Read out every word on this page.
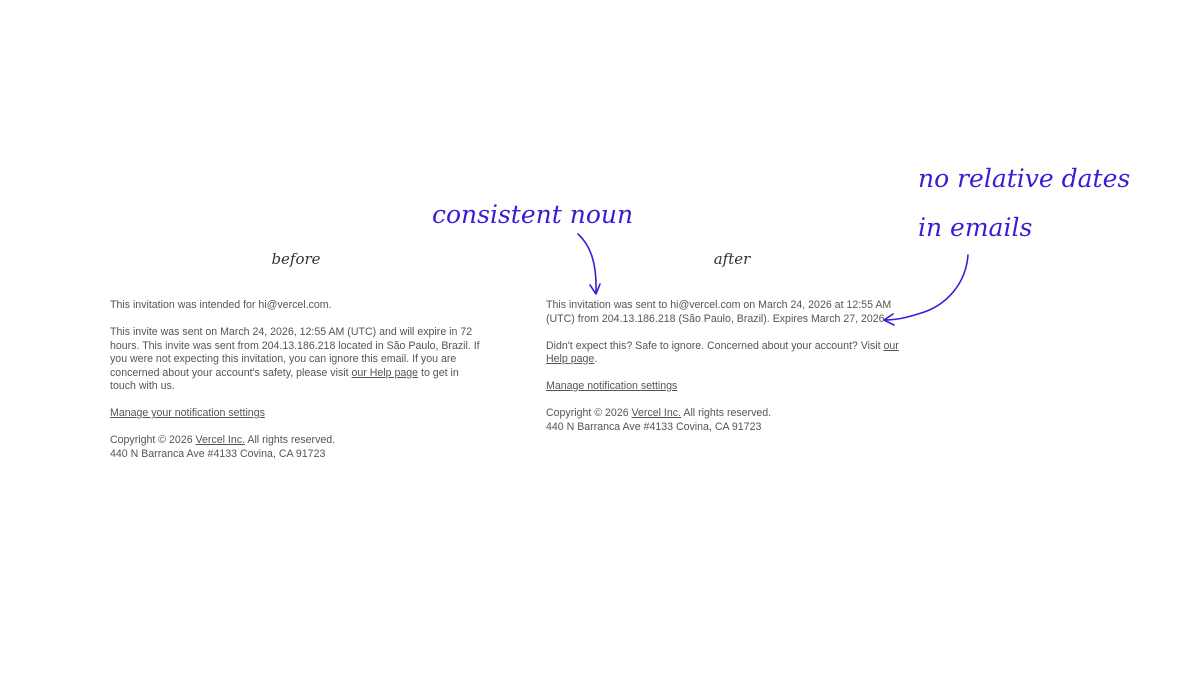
before	after

This invitation was intended for hi@vercel.com.

This invite was sent on March 24, 2026, 12:55 AM (UTC) and will expire in 72 hours. This invite was sent from 204.13.186.218 located in São Paulo, Brazil. If you were not expecting this invitation, you can ignore this email. If you are concerned about your account's safety, please visit our Help page to get in touch with us.

Manage your notification settings

Copyright © 2026 Vercel Inc. All rights reserved.
440 N Barranca Ave #4133 Covina, CA 91723

This invitation was sent to hi@vercel.com on March 24, 2026 at 12:55 AM (UTC) from 204.13.186.218 (São Paulo, Brazil). Expires March 27, 2026.

Didn't expect this? Safe to ignore. Concerned about your account? Visit our Help page.

Manage notification settings

Copyright © 2026 Vercel Inc. All rights reserved.
440 N Barranca Ave #4133 Covina, CA 91723
consistent noun
no relative dates
in emails
